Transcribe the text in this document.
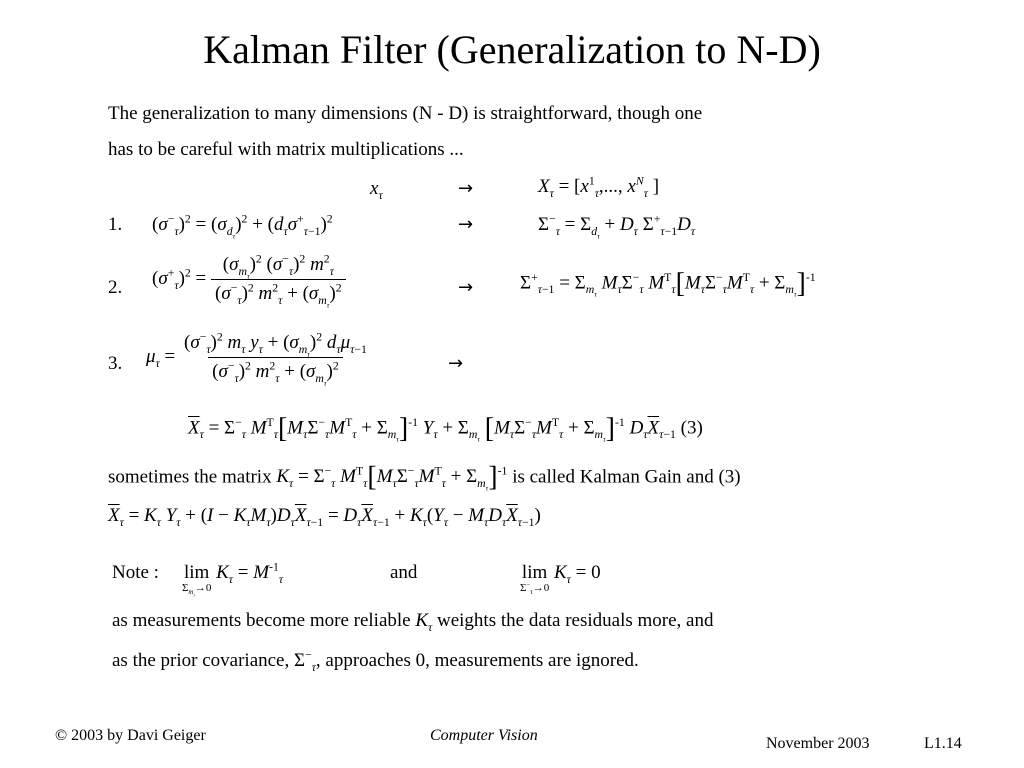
Kalman Filter (Generalization to N-D)
The generalization to many dimensions (N - D) is straightforward, though one
has to be careful with matrix multiplications ...
$x_\tau$	→	$X_\tau = [x^1_\tau$,..., $x^N_\tau$ ]
1. $(\sigma^-_\tau)^2 = (\sigma_{d_\tau})^2 + (d_\tau\sigma^+_{\tau-1})^2$	→	$\Sigma^-_\tau = \Sigma_{d_\tau} + D_\tau$ $\Sigma^+_{\tau-1}D_\tau$
2. $(\sigma^+_\tau)^2 = \frac{(\sigma_{m_\tau})^2 (\sigma^-_\tau)^2 m^2_\tau}{(\sigma^-_\tau)^2 m^2_\tau + (\sigma_{m_\tau})^2}$	→ $\Sigma^+_{\tau-1} = \Sigma_{m_\tau}$ $M_\tau\Sigma^-_\tau$ $M^T_\tau[M_\tau\Sigma^-_\tau M^T_\tau + \Sigma_{m_\tau}]^{-1}$
3. $\mu_\tau = \frac{(\sigma^-_\tau)^2 m_\tau y_\tau + (\sigma_{m_\tau})^2 d_\tau\mu_{\tau-1}}{(\sigma^-_\tau)^2 m^2_\tau + (\sigma_{m_\tau})^2}$	→
$\overline{X}_\tau = \Sigma^-_\tau$ $M^T_\tau[M_\tau\Sigma^-_\tau M^T_\tau + \Sigma_{m_\tau}]^{-1}$ $Y_\tau + \Sigma_{m_\tau}$ $[M_\tau\Sigma^-_\tau M^T_\tau + \Sigma_{m_\tau}]^{-1}$ $D_\tau\overline{X}_{\tau-1}$ (3)
sometimes the matrix $K_\tau = \Sigma^-_\tau$ $M^T_\tau[M_\tau\Sigma^-_\tau M^T_\tau + \Sigma_{m_\tau}]^{-1}$ is called Kalman Gain and (3)
$\overline{X}_\tau = K_\tau$ $Y_\tau + (I - K_\tau M_\tau)D_\tau\overline{X}_{\tau-1} = D_\tau\overline{X}_{\tau-1} + K_\tau(Y_\tau - M_\tau D_\tau\overline{X}_{\tau-1})$
Note : lim
$\Sigma_{m_\tau}\to 0$
$K_\tau = M^{-1}_\tau$	and	lim
$\Sigma^-_\tau\to 0$
$K_\tau = 0$
as measurements become more reliable $K_\tau$ weights the data residuals more, and
as the prior covariance, $\Sigma^-_\tau$, approaches 0, measurements are ignored.
© 2003 by Davi Geiger	Computer Vision	November 2003	L1.14
